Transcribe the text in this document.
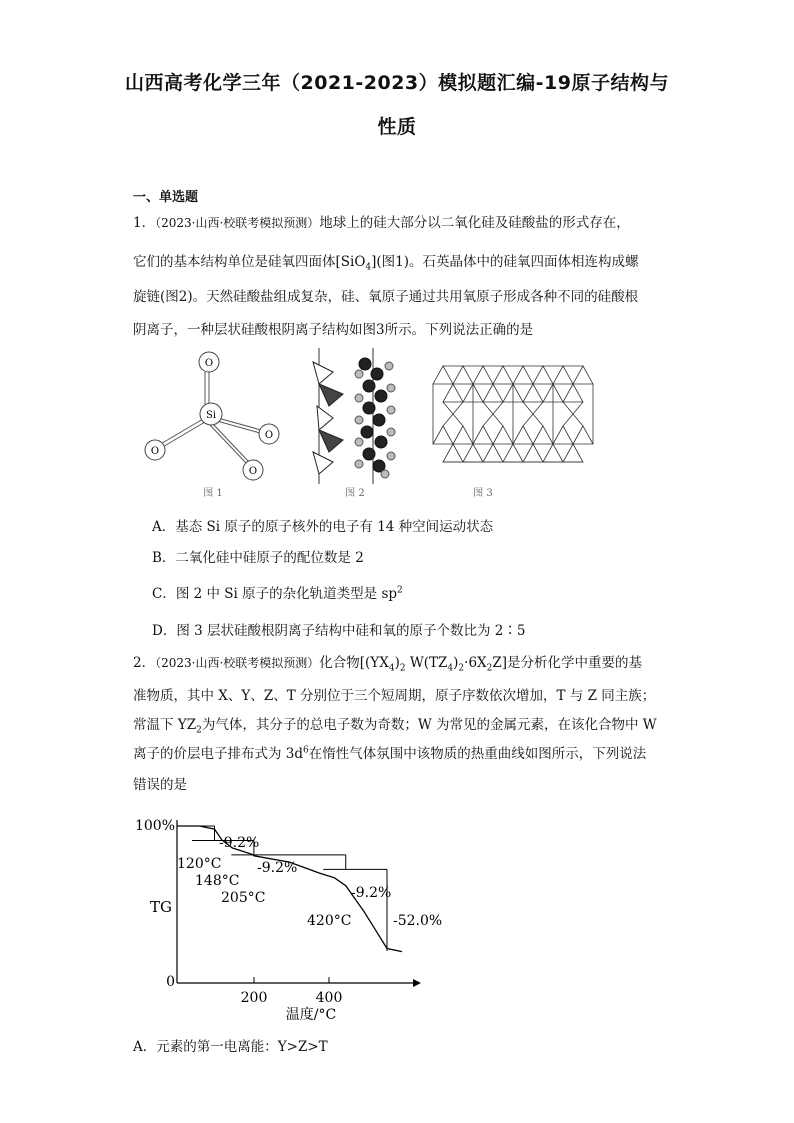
山西高考化学三年（2021-2023）模拟题汇编-19原子结构与
性质
一、单选题
1．（2023·山西·校联考模拟预测）地球上的硅大部分以二氧化硅及硅酸盐的形式存在，
它们的基本结构单位是硅氧四面体[SiO$_4$](图1)。石英晶体中的硅氧四面体相连构成螺
旋链(图2)。天然硅酸盐组成复杂，硅、氧原子通过共用氧原子形成各种不同的硅酸根
阴离子，一种层状硅酸根阴离子结构如图3所示。下列说法正确的是
Si
O
O
O
O
图 1	图 2	图 3
A．基态 Si 原子的原子核外的电子有 14 种空间运动状态
B．二氧化硅中硅原子的配位数是 2
C．图 2 中 Si 原子的杂化轨道类型是 $sp^2$
D．图 3 层状硅酸根阴离子结构中硅和氧的原子个数比为 2∶5
2．（2023·山西·校联考模拟预测）化合物[$(YX_4)_2$ $W(TZ_4)_2\cdot 6X_2Z$]是分析化学中重要的基
准物质，其中 X、Y、Z、T 分别位于三个短周期，原子序数依次增加，T 与 Z 同主族；
常温下 $YZ_2$为气体，其分子的总电子数为奇数；W 为常见的金属元素，在该化合物中 W
离子的价层电子排布式为 $3d^6$在惰性气体氛围中该物质的热重曲线如图所示，下列说法
错误的是
100%
0
200	400
温度/°C
TG
-9.2%
-9.2%
-9.2%
-52.0%
120°C
148°C
205°C
420°C
A．元素的第一电离能：Y>Z>T
